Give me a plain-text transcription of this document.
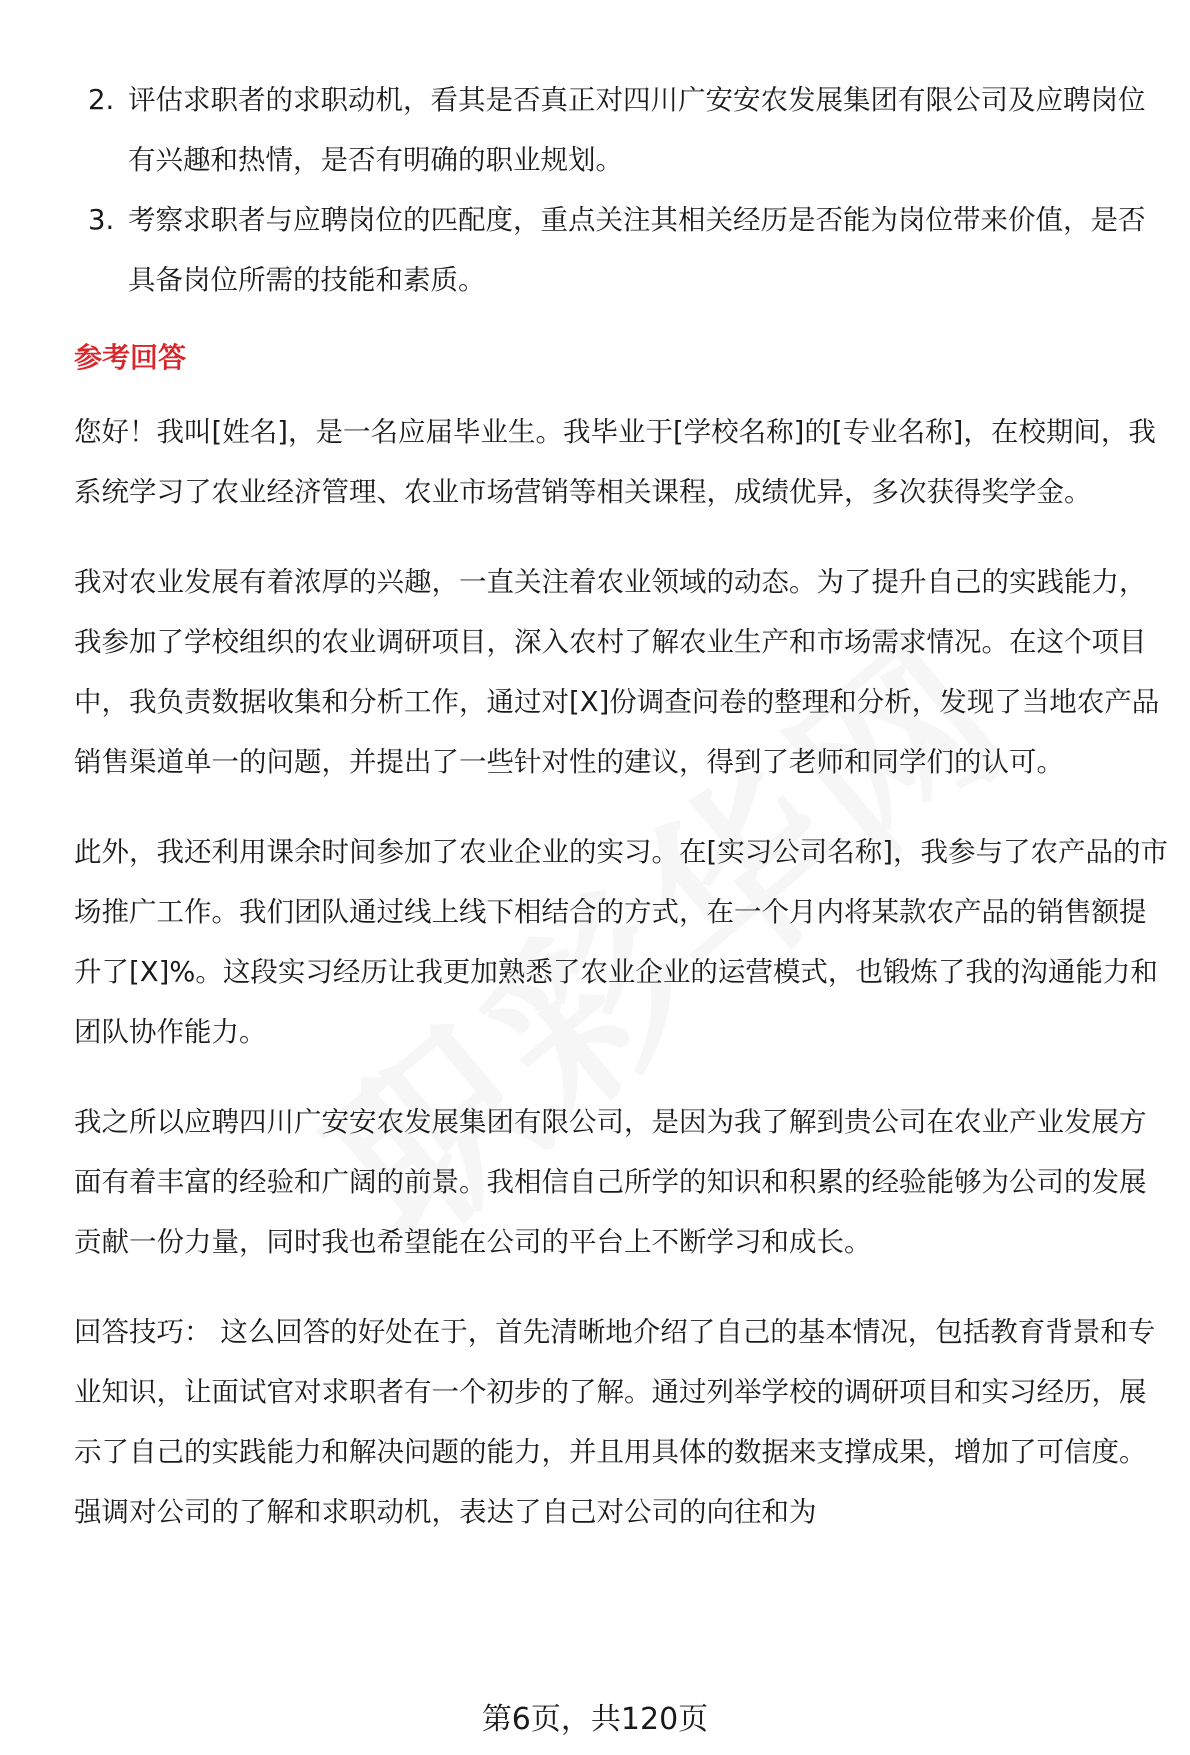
2. 评估求职者的求职动机，看其是否真正对四川广安安农发展集团有限公司及应聘岗位有兴趣和热情，是否有明确的职业规划。
3. 考察求职者与应聘岗位的匹配度，重点关注其相关经历是否能为岗位带来价值，是否具备岗位所需的技能和素质。
参考回答

您好！我叫[姓名]，是一名应届毕业生。我毕业于[学校名称]的[专业名称]，在校期间，我系统学习了农业经济管理、农业市场营销等相关课程，成绩优异，多次获得奖学金。

我对农业发展有着浓厚的兴趣，一直关注着农业领域的动态。为了提升自己的实践能力，我参加了学校组织的农业调研项目，深入农村了解农业生产和市场需求情况。在这个项目中，我负责数据收集和分析工作，通过对[X]份调查问卷的整理和分析，发现了当地农产品销售渠道单一的问题，并提出了一些针对性的建议，得到了老师和同学们的认可。

此外，我还利用课余时间参加了农业企业的实习。在[实习公司名称]，我参与了农产品的市场推广工作。我们团队通过线上线下相结合的方式，在一个月内将某款农产品的销售额提升了[X]%。这段实习经历让我更加熟悉了农业企业的运营模式，也锻炼了我的沟通能力和团队协作能力。

我之所以应聘四川广安安农发展集团有限公司，是因为我了解到贵公司在农业产业发展方面有着丰富的经验和广阔的前景。我相信自己所学的知识和积累的经验能够为公司的发展贡献一份力量，同时我也希望能在公司的平台上不断学习和成长。

回答技巧： 这么回答的好处在于，首先清晰地介绍了自己的基本情况，包括教育背景和专业知识，让面试官对求职者有一个初步的了解。通过列举学校的调研项目和实习经历，展示了自己的实践能力和解决问题的能力，并且用具体的数据来支撑成果，增加了可信度。强调对公司的了解和求职动机，表达了自己对公司的向往和为

第6页，共120页
